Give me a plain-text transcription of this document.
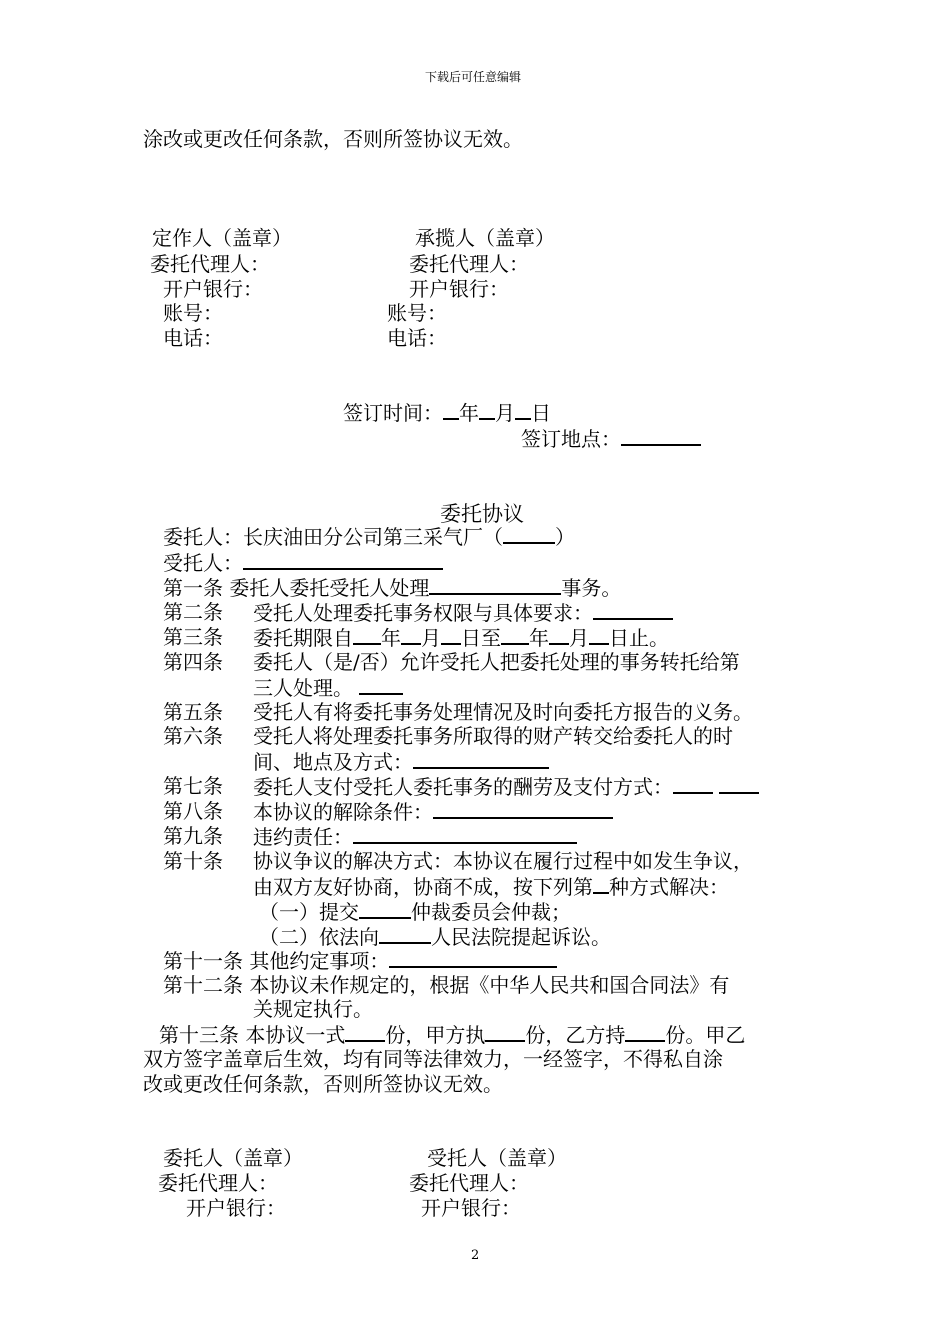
下载后可任意编辑
涂改或更改任何条款，否则所签协议无效。
定作人（盖章）	承揽人（盖章）
委托代理人：	委托代理人：
开户银行：	开户银行：
账号：	账号：
电话：	电话：
签订时间： 年 月 日
签订地点：
委托协议
委托人：长庆油田分公司第三采气厂（	）
受托人：
第一条 委托人委托受托人处理	事务。
第二条 受托人处理委托事务权限与具体要求：
第三条 委托期限自 年 月 日至 年 月 日止。
第四条 委托人（是/否）允许受托人把委托处理的事务转托给第
三人处理。
第五条 受托人有将委托事务处理情况及时向委托方报告的义务。
第六条 受托人将处理委托事务所取得的财产转交给委托人的时
间、地点及方式：
第七条 委托人支付受托人委托事务的酬劳及支付方式：
第八条 本协议的解除条件：
第九条 违约责任：
第十条 协议争议的解决方式：本协议在履行过程中如发生争议，
由双方友好协商，协商不成，按下列第 种方式解决：
（一）提交	仲裁委员会仲裁；
（二）依法向	人民法院提起诉讼。
第十一条 其他约定事项：
第十二条 本协议未作规定的，根据《中华人民共和国合同法》有
关规定执行。
第十三条 本协议一式 份，甲方执 份，乙方持 份。甲乙
双方签字盖章后生效，均有同等法律效力，一经签字，不得私自涂
改或更改任何条款，否则所签协议无效。
委托人（盖章）	受托人（盖章）
委托代理人：	委托代理人：
开户银行：	开户银行：
2
